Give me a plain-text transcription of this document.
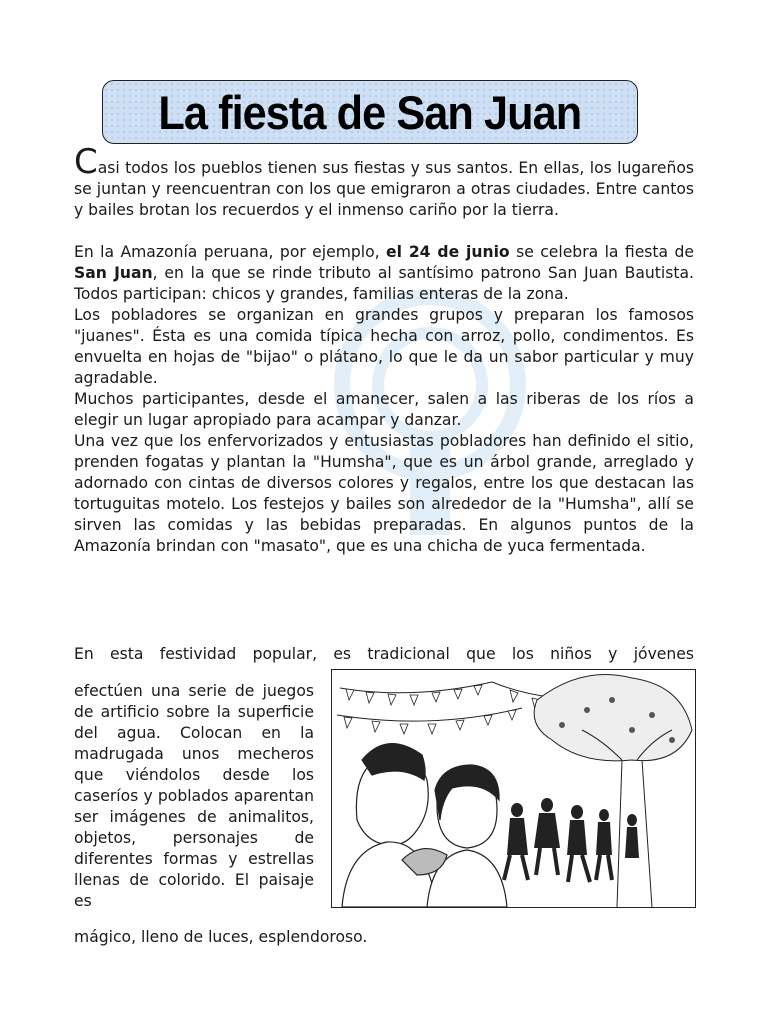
La fiesta de San Juan

Casi todos los pueblos tienen sus fiestas y sus santos. En ellas, los lugareños se juntan y reencuentran con los que emigraron a otras ciudades. Entre cantos y bailes brotan los recuerdos y el inmenso cariño por la tierra.

En la Amazonía peruana, por ejemplo, el 24 de junio se celebra la fiesta de San Juan, en la que se rinde tributo al santísimo patrono San Juan Bautista. Todos participan: chicos y grandes, familias enteras de la zona.

Los pobladores se organizan en grandes grupos y preparan los famosos "juanes". Ésta es una comida típica hecha con arroz, pollo, condimentos. Es envuelta en hojas de "bijao" o plátano, lo que le da un sabor particular y muy agradable.

Muchos participantes, desde el amanecer, salen a las riberas de los ríos a elegir un lugar apropiado para acampar y danzar.

Una vez que los enfervorizados y entusiastas pobladores han definido el sitio, prenden fogatas y plantan la "Humsha", que es un árbol grande, arreglado y adornado con cintas de diversos colores y regalos, entre los que destacan las tortuguitas motelo. Los festejos y bailes son alrededor de la "Humsha", allí se sirven las comidas y las bebidas preparadas. En algunos puntos de la Amazonía brindan con "masato", que es una chicha de yuca fermentada.

En esta festividad popular, es tradicional que los niños y jóvenes

efectúen una serie de juegos de artificio sobre la superficie del agua. Colocan en la madrugada unos mecheros que viéndolos desde los caseríos y poblados aparentan ser imágenes de animalitos, objetos, personajes de diferentes formas y estrellas llenas de colorido. El paisaje es

mágico, lleno de luces, esplendoroso.
